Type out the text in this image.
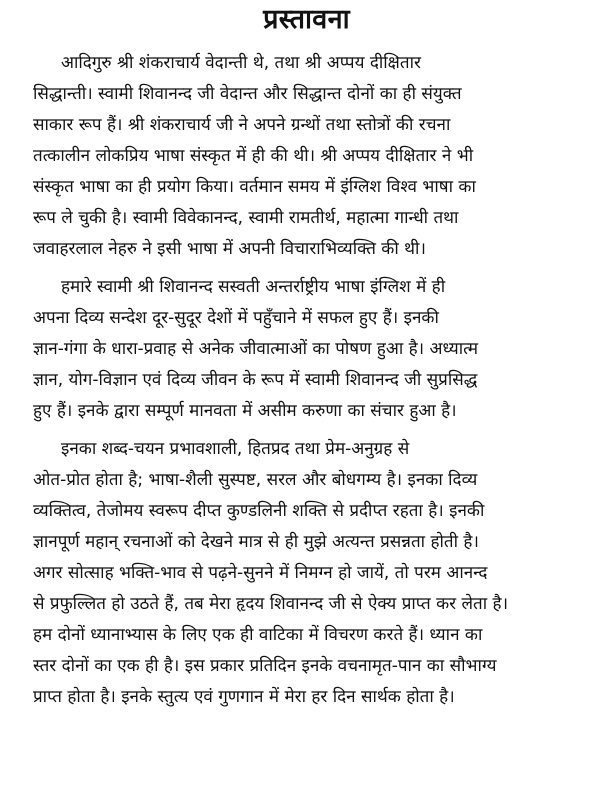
प्रस्तावना
आदिगुरु श्री शंकराचार्य वेदान्ती थे, तथा श्री अप्पय दीक्षितार
सिद्धान्ती। स्वामी शिवानन्द जी वेदान्त और सिद्धान्त दोनों का ही संयुक्त
साकार रूप हैं। श्री शंकराचार्य जी ने अपने ग्रन्थों तथा स्तोत्रों की रचना
तत्कालीन लोकप्रिय भाषा संस्कृत में ही की थी। श्री अप्पय दीक्षितार ने भी
संस्कृत भाषा का ही प्रयोग किया। वर्तमान समय में इंग्लिश विश्व भाषा का
रूप ले चुकी है। स्वामी विवेकानन्द, स्वामी रामतीर्थ, महात्मा गान्धी तथा
जवाहरलाल नेहरु ने इसी भाषा में अपनी विचाराभिव्यक्ति की थी।
हमारे स्वामी श्री शिवानन्द सस्वती अन्तर्राष्ट्रीय भाषा इंग्लिश में ही
अपना दिव्य सन्देश दूर-सुदूर देशों में पहुँचाने में सफल हुए हैं। इनकी
ज्ञान-गंगा के धारा-प्रवाह से अनेक जीवात्माओं का पोषण हुआ है। अध्यात्म
ज्ञान, योग-विज्ञान एवं दिव्य जीवन के रूप में स्वामी शिवानन्द जी सुप्रसिद्ध
हुए हैं। इनके द्वारा सम्पूर्ण मानवता में असीम करुणा का संचार हुआ है।
इनका शब्द-चयन प्रभावशाली, हितप्रद तथा प्रेम-अनुग्रह से
ओत-प्रोत होता है; भाषा-शैली सुस्पष्ट, सरल और बोधगम्य है। इनका दिव्य
व्यक्तित्व, तेजोमय स्वरूप दीप्त कुण्डलिनी शक्ति से प्रदीप्त रहता है। इनकी
ज्ञानपूर्ण महान् रचनाओं को देखने मात्र से ही मुझे अत्यन्त प्रसन्नता होती है।
अगर सोत्साह भक्ति-भाव से पढ़ने-सुनने में निमग्न हो जायें, तो परम आनन्द
से प्रफुल्लित हो उठते हैं, तब मेरा हृदय शिवानन्द जी से ऐक्य प्राप्त कर लेता है।
हम दोनों ध्यानाभ्यास के लिए एक ही वाटिका में विचरण करते हैं। ध्यान का
स्तर दोनों का एक ही है। इस प्रकार प्रतिदिन इनके वचनामृत-पान का सौभाग्य
प्राप्त होता है। इनके स्तुत्य एवं गुणगान में मेरा हर दिन सार्थक होता है।
